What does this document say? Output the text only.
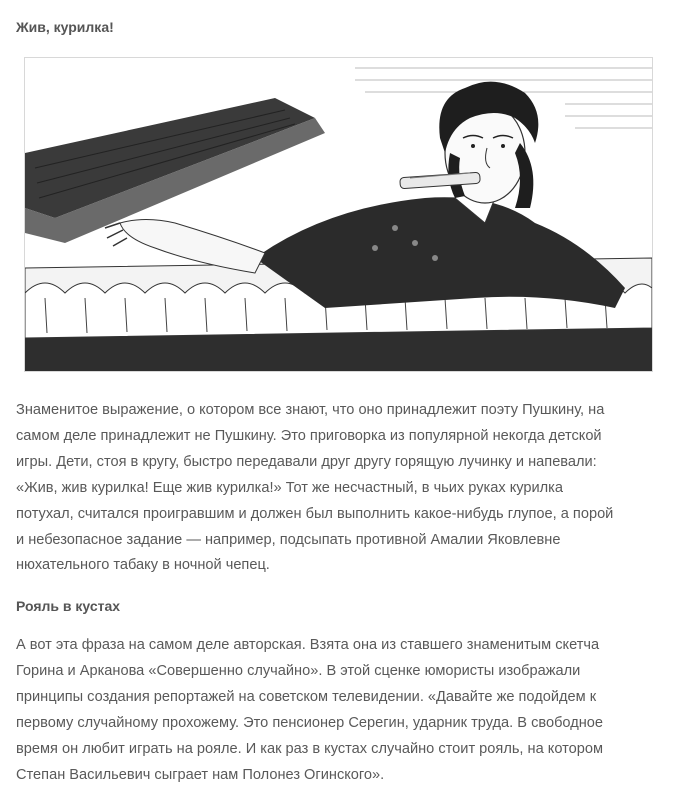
Жив, курилка!

Знаменитое выражение, о котором все знают, что оно принадлежит поэту Пушкину, на
самом деле принадлежит не Пушкину. Это приговорка из популярной некогда детской
игры. Дети, стоя в кругу, быстро передавали друг другу горящую лучинку и напевали:
«Жив, жив курилка! Еще жив курилка!» Тот же несчастный, в чьих руках курилка
потухал, считался проигравшим и должен был выполнить какое-нибудь глупое, а порой
и небезопасное задание — например, подсыпать противной Амалии Яковлевне
нюхательного табаку в ночной чепец.

Рояль в кустах

А вот эта фраза на самом деле авторская. Взята она из ставшего знаменитым скетча
Горина и Арканова «Совершенно случайно». В этой сценке юмористы изображали
принципы создания репортажей на советском телевидении. «Давайте же подойдем к
первому случайному прохожему. Это пенсионер Серегин, ударник труда. В свободное
время он любит играть на рояле. И как раз в кустах случайно стоит рояль, на котором
Степан Васильевич сыграет нам Полонез Огинского».
